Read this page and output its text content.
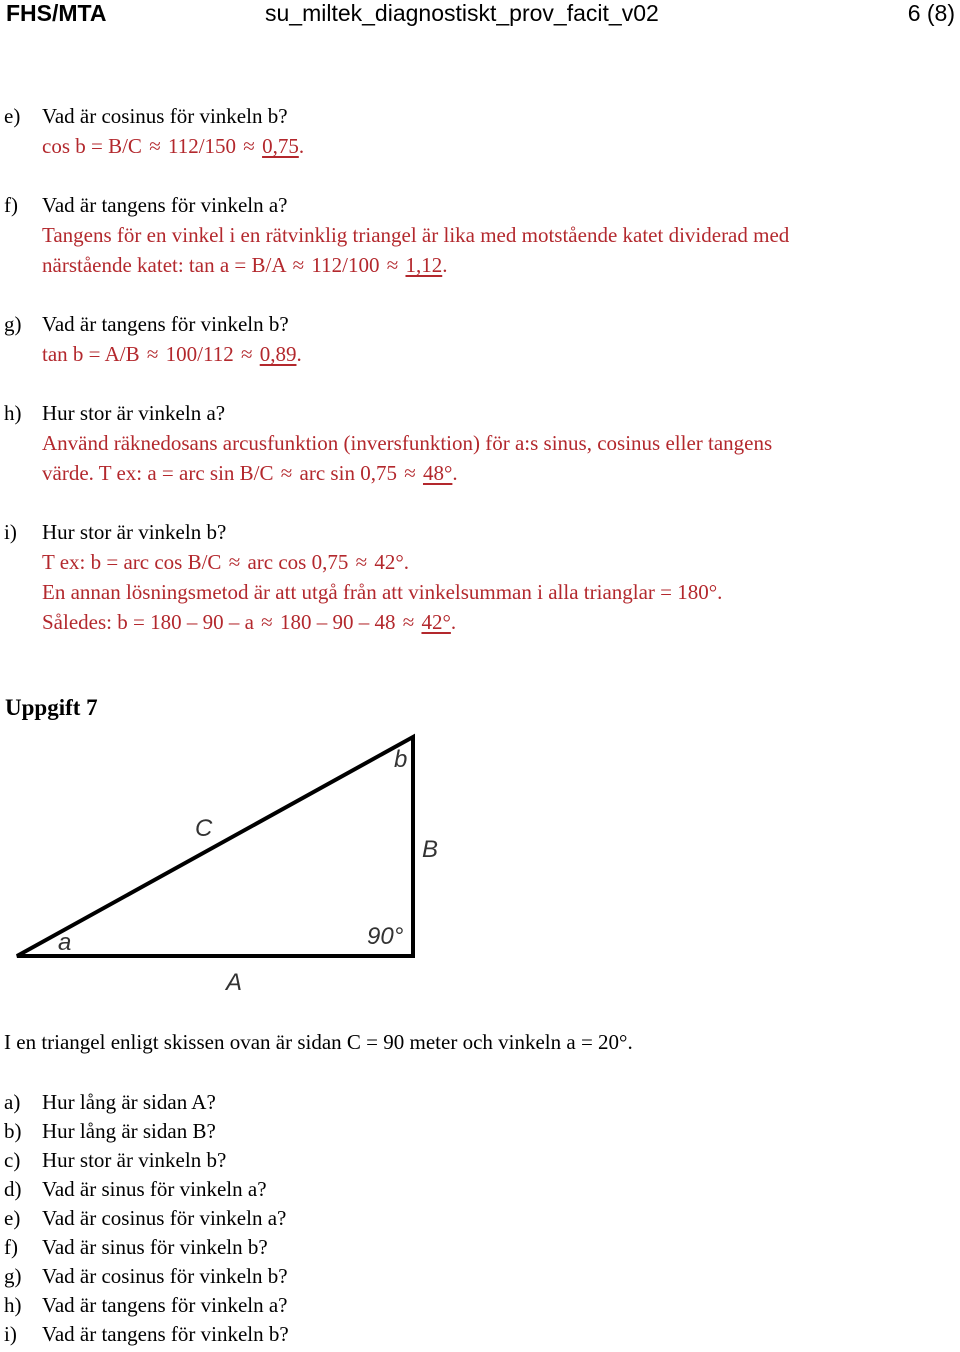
FHS/MTA	su_miltek_diagnostiskt_prov_facit_v02	6 (8)
e) Vad är cosinus för vinkeln b?
cos b = B/C ≈ 112/150 ≈ 0,75.
f) Vad är tangens för vinkeln a?
Tangens för en vinkel i en rätvinklig triangel är lika med motstående katet dividerad med
närstående katet: tan a = B/A ≈ 112/100 ≈ 1,12.
g) Vad är tangens för vinkeln b?
tan b = A/B ≈ 100/112 ≈ 0,89.
h) Hur stor är vinkeln a?
Använd räknedosans arcusfunktion (inversfunktion) för a:s sinus, cosinus eller tangens
värde. T ex: a = arc sin B/C ≈ arc sin 0,75 ≈ 48°.
i) Hur stor är vinkeln b?
T ex: b = arc cos B/C ≈ arc cos 0,75 ≈ 42°.
En annan lösningsmetod är att utgå från att vinkelsumman i alla trianglar = 180°.
Således: b = 180 – 90 – a ≈ 180 – 90 – 48 ≈ 42°.
Uppgift 7
C
B
A
a
b
90°
I en triangel enligt skissen ovan är sidan C = 90 meter och vinkeln a = 20°.
a) Hur lång är sidan A?
b) Hur lång är sidan B?
c) Hur stor är vinkeln b?
d) Vad är sinus för vinkeln a?
e) Vad är cosinus för vinkeln a?
f) Vad är sinus för vinkeln b?
g) Vad är cosinus för vinkeln b?
h) Vad är tangens för vinkeln a?
i) Vad är tangens för vinkeln b?
